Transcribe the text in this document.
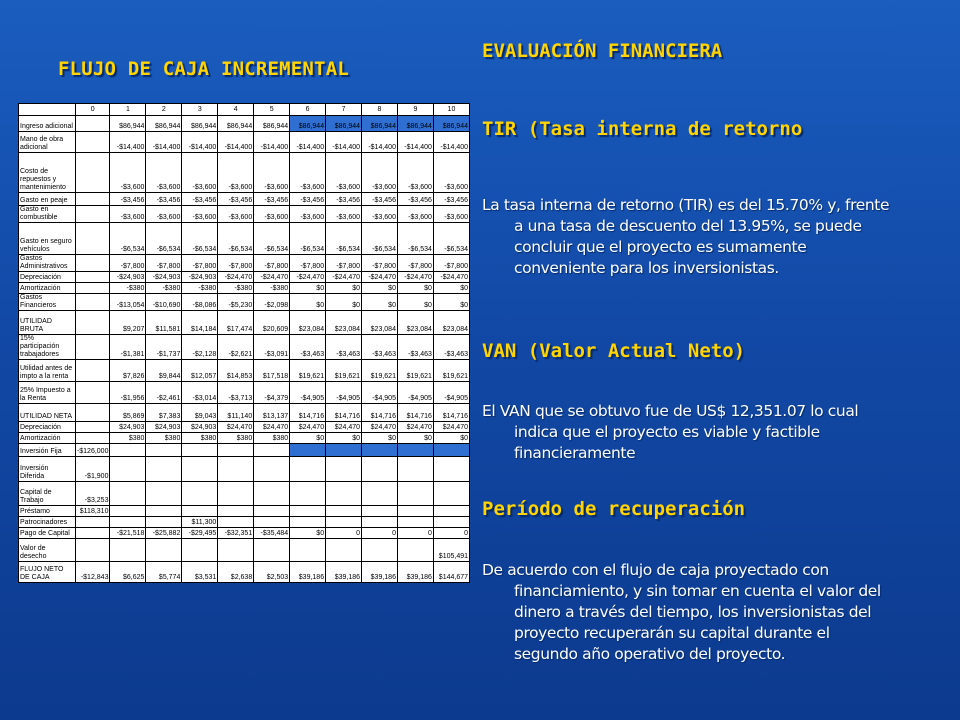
FLUJO DE CAJA INCREMENTAL
	0	1	2	3	4	5	6	7	8	9	10
Ingreso adicional		$86,944	$86,944	$86,944	$86,944	$86,944	$86,944	$86,944	$86,944	$86,944	$86,944
Mano de obra adicional		-$14,400	-$14,400	-$14,400	-$14,400	-$14,400	-$14,400	-$14,400	-$14,400	-$14,400	-$14,400
Costo de repuestos y mantenimiento		-$3,600	-$3,600	-$3,600	-$3,600	-$3,600	-$3,600	-$3,600	-$3,600	-$3,600	-$3,600
Gasto en peaje		-$3,456	-$3,456	-$3,456	-$3,456	-$3,456	-$3,456	-$3,456	-$3,456	-$3,456	-$3,456
Gasto en combustible		-$3,600	-$3,600	-$3,600	-$3,600	-$3,600	-$3,600	-$3,600	-$3,600	-$3,600	-$3,600
Gasto en seguro vehículos		-$6,534	-$6,534	-$6,534	-$6,534	-$6,534	-$6,534	-$6,534	-$6,534	-$6,534	-$6,534
Gastos Administrativos		-$7,800	-$7,800	-$7,800	-$7,800	-$7,800	-$7,800	-$7,800	-$7,800	-$7,800	-$7,800
Depreciación		-$24,903	-$24,903	-$24,903	-$24,470	-$24,470	-$24,470	-$24,470	-$24,470	-$24,470	-$24,470
Amortización		-$380	-$380	-$380	-$380	-$380	$0	$0	$0	$0	$0
Gastos Financieros		-$13,054	-$10,690	-$8,086	-$5,230	-$2,098	$0	$0	$0	$0	$0
UTILIDAD BRUTA		$9,207	$11,581	$14,184	$17,474	$20,609	$23,084	$23,084	$23,084	$23,084	$23,084
15% participación trabajadores		-$1,381	-$1,737	-$2,128	-$2,621	-$3,091	-$3,463	-$3,463	-$3,463	-$3,463	-$3,463
Utilidad antes de impto a la renta		$7,826	$9,844	$12,057	$14,853	$17,518	$19,621	$19,621	$19,621	$19,621	$19,621
25% Impuesto a la Renta		-$1,956	-$2,461	-$3,014	-$3,713	-$4,379	-$4,905	-$4,905	-$4,905	-$4,905	-$4,905
UTILIDAD NETA		$5,869	$7,383	$9,043	$11,140	$13,137	$14,716	$14,716	$14,716	$14,716	$14,716
Depreciación		$24,903	$24,903	$24,903	$24,470	$24,470	$24,470	$24,470	$24,470	$24,470	$24,470
Amortización		$380	$380	$380	$380	$380	$0	$0	$0	$0	$0
Inversión Fija	-$126,000										
Inversión Diferida	-$1,900										
Capital de Trabajo	-$3,253										
Préstamo	$118,310										
Patrocinadores				$11,300							
Pago de Capital		-$21,518	-$25,882	-$29,495	-$32,351	-$35,484	$0	0	0	0	0
Valor de desecho											$105,491
FLUJO NETO DE CAJA	-$12,843	$6,625	$5,774	$3,531	$2,638	$2,503	$39,186	$39,186	$39,186	$39,186	$144,677
EVALUACIÓN FINANCIERA
TIR (Tasa interna de retorno
La tasa interna de retorno (TIR) es del 15.70% y, frente a una tasa de descuento del 13.95%, se puede concluir que el proyecto es sumamente conveniente para los inversionistas.
VAN (Valor Actual Neto)
El VAN que se obtuvo fue de US$ 12,351.07 lo cual indica que el proyecto es viable y factible financieramente
Período de recuperación
De acuerdo con el flujo de caja proyectado con financiamiento, y sin tomar en cuenta el valor del dinero a través del tiempo, los inversionistas del proyecto recuperarán su capital durante el segundo año operativo del proyecto.
